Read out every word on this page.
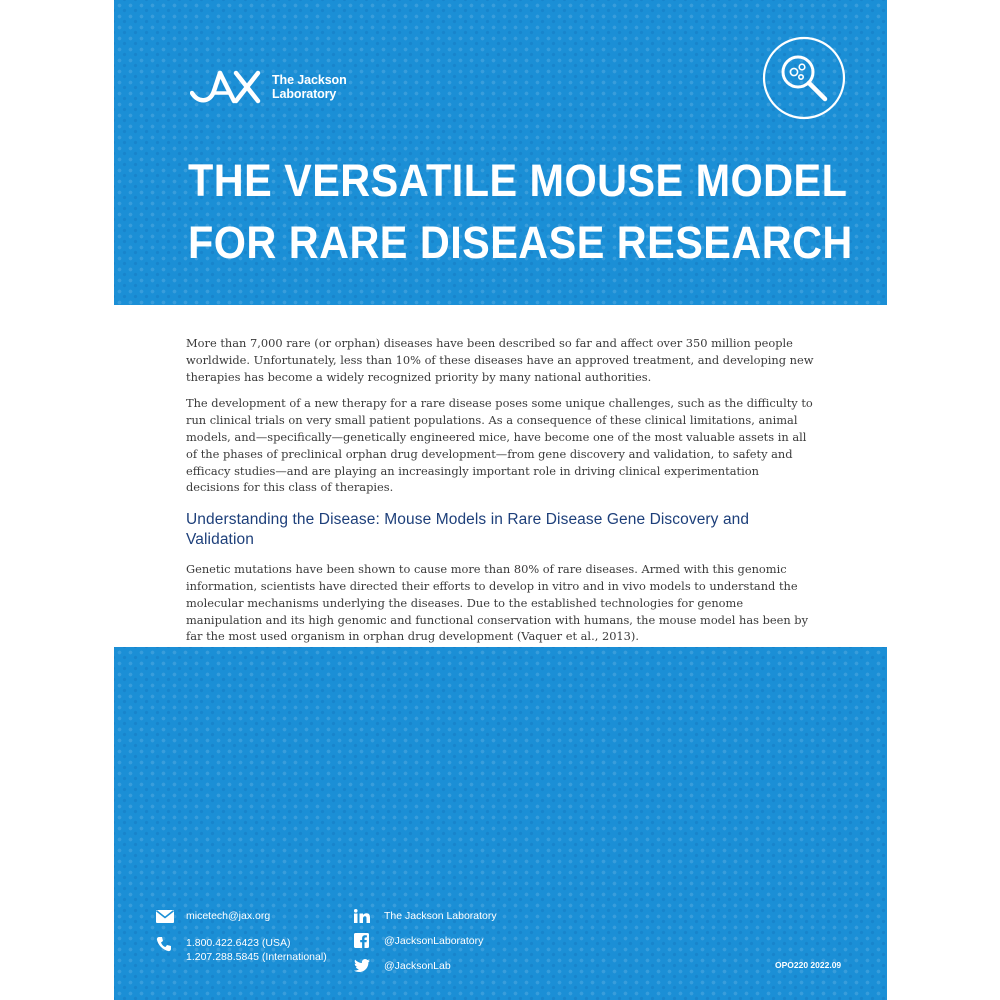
The Jackson
Laboratory
THE VERSATILE MOUSE MODEL
FOR RARE DISEASE RESEARCH

More than 7,000 rare (or orphan) diseases have been described so far and affect over 350 million people worldwide. Unfortunately, less than 10% of these diseases have an approved treatment, and developing new therapies has become a widely recognized priority by many national authorities.

The development of a new therapy for a rare disease poses some unique challenges, such as the difficulty to run clinical trials on very small patient populations. As a consequence of these clinical limitations, animal models, and—specifically—genetically engineered mice, have become one of the most valuable assets in all of the phases of preclinical orphan drug development—from gene discovery and validation, to safety and efficacy studies—and are playing an increasingly important role in driving clinical experimentation decisions for this class of therapies.

Understanding the Disease: Mouse Models in Rare Disease Gene Discovery and Validation

Genetic mutations have been shown to cause more than 80% of rare diseases. Armed with this genomic information, scientists have directed their efforts to develop in vitro and in vivo models to understand the molecular mechanisms underlying the diseases. Due to the established technologies for genome manipulation and its high genomic and functional conservation with humans, the mouse model has been by far the most used organism in orphan drug development (Vaquer et al., 2013).

micetech@jax.org
1.800.422.6423 (USA)
1.207.288.5845 (International)
The Jackson Laboratory
@JacksonLaboratory
@JacksonLab	OPO220 2022.09
